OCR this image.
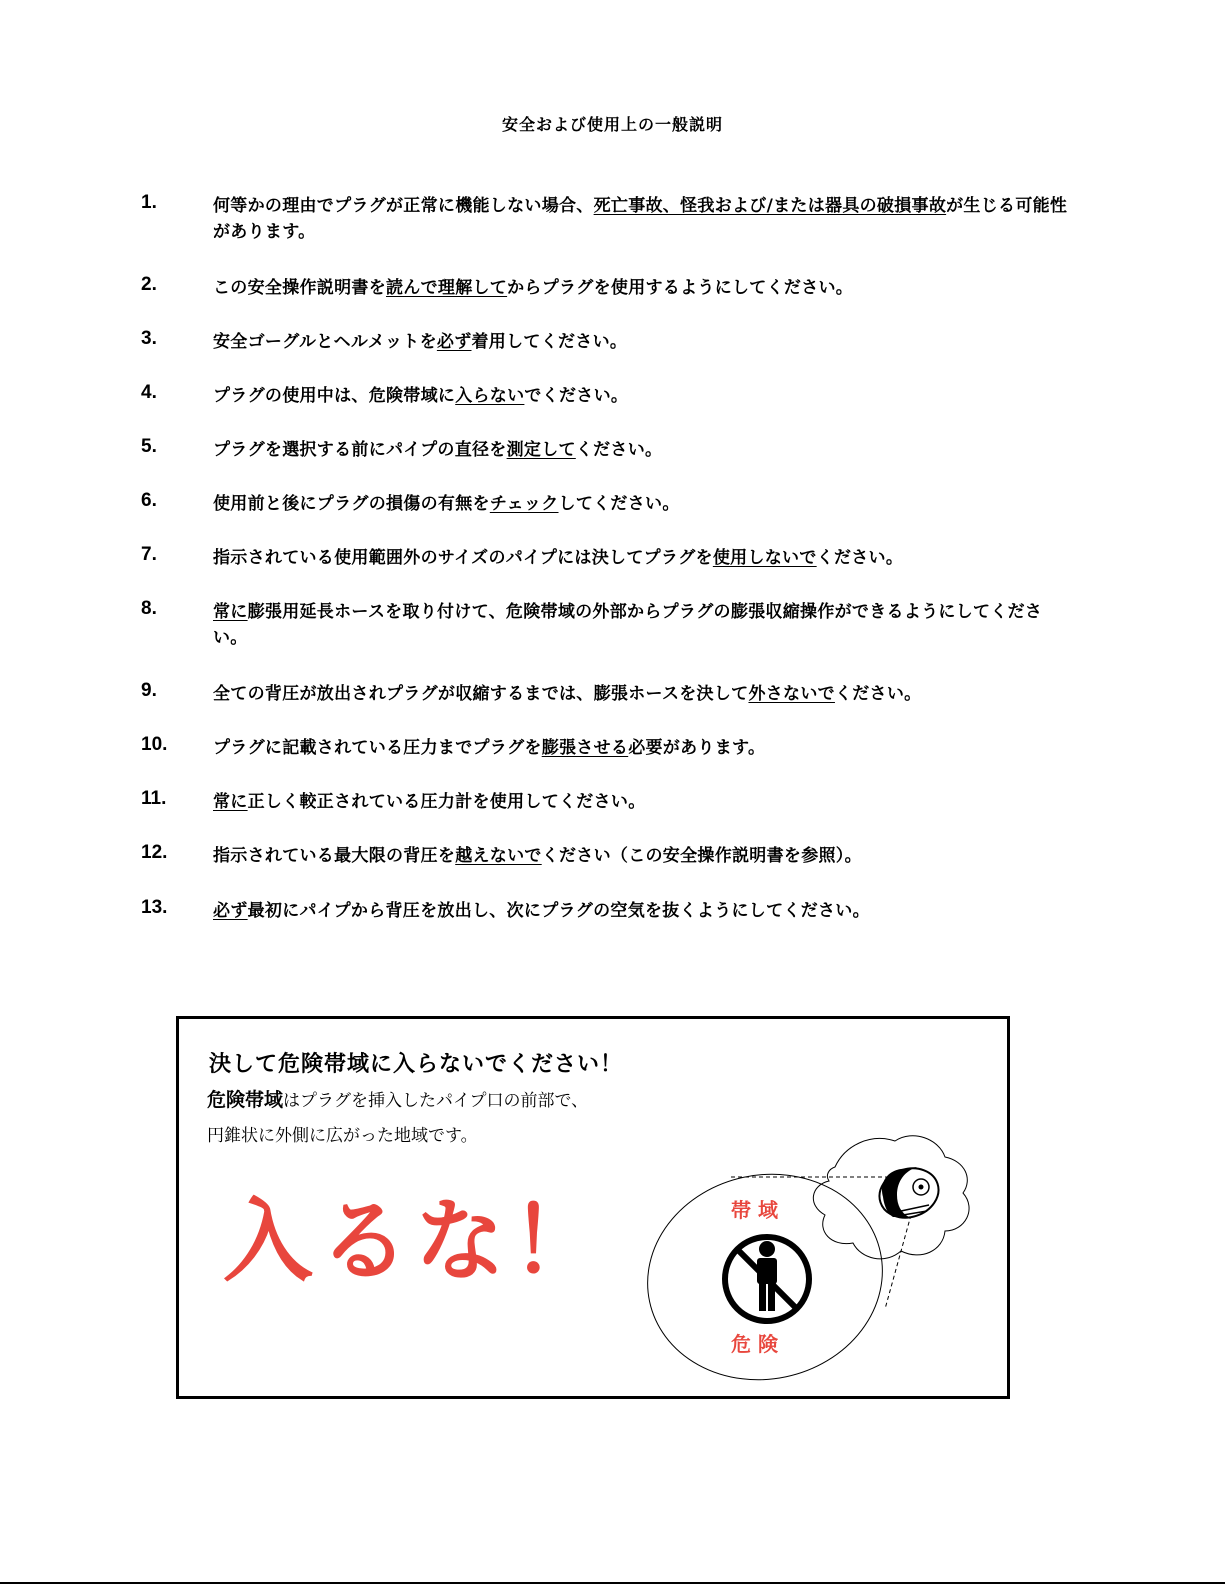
安全および使用上の一般説明
1.	何等かの理由でプラグが正常に機能しない場合、死亡事故、怪我および/または器具の破損事故が生じる可能性があります。
2.	この安全操作説明書を読んで理解してからプラグを使用するようにしてください。
3.	安全ゴーグルとヘルメットを必ず着用してください。
4.	プラグの使用中は、危険帯域に入らないでください。
5.	プラグを選択する前にパイプの直径を測定してください。
6.	使用前と後にプラグの損傷の有無をチェックしてください。
7.	指示されている使用範囲外のサイズのパイプには決してプラグを使用しないでください。
8.	常に膨張用延長ホースを取り付けて、危険帯域の外部からプラグの膨張収縮操作ができるようにしてください。
9.	全ての背圧が放出されプラグが収縮するまでは、膨張ホースを決して外さないでください。
10.	プラグに記載されている圧力までプラグを膨張させる必要があります。
11.	常に正しく較正されている圧力計を使用してください。
12.	指示されている最大限の背圧を越えないでください（この安全操作説明書を参照）。
13.	必ず最初にパイプから背圧を放出し、次にプラグの空気を抜くようにしてください。
決して危険帯域に入らないでください！
危険帯域はプラグを挿入したパイプ口の前部で、
円錐状に外側に広がった地域です。
入るな！	帯 域
危 険
